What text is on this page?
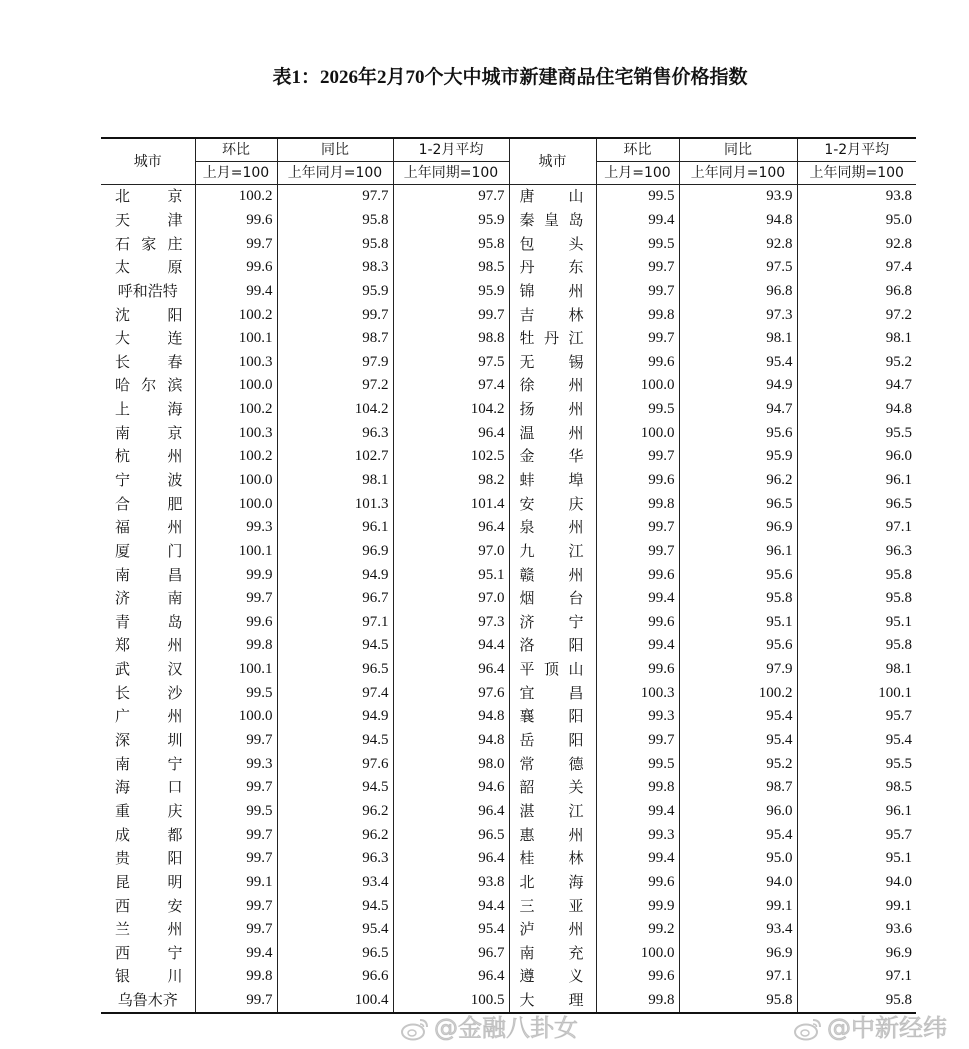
表1：2026年2月70个大中城市新建商品住宅销售价格指数
城市	环比	同比	1-2月平均	城市	环比	同比	1-2月平均
	上月=100	上年同月=100	上年同期=100		上月=100	上年同月=100	上年同期=100
北 京	100.2	97.7	97.7	唐 山	99.5	93.9	93.8
天 津	99.6	95.8	95.9	秦 皇 岛	99.4	94.8	95.0
石 家 庄	99.7	95.8	95.8	包 头	99.5	92.8	92.8
太 原	99.6	98.3	98.5	丹 东	99.7	97.5	97.4
呼和浩特	99.4	95.9	95.9	锦 州	99.7	96.8	96.8
沈 阳	100.2	99.7	99.7	吉 林	99.8	97.3	97.2
大 连	100.1	98.7	98.8	牡 丹 江	99.7	98.1	98.1
长 春	100.3	97.9	97.5	无 锡	99.6	95.4	95.2
哈 尔 滨	100.0	97.2	97.4	徐 州	100.0	94.9	94.7
上 海	100.2	104.2	104.2	扬 州	99.5	94.7	94.8
南 京	100.3	96.3	96.4	温 州	100.0	95.6	95.5
杭 州	100.2	102.7	102.5	金 华	99.7	95.9	96.0
宁 波	100.0	98.1	98.2	蚌 埠	99.6	96.2	96.1
合 肥	100.0	101.3	101.4	安 庆	99.8	96.5	96.5
福 州	99.3	96.1	96.4	泉 州	99.7	96.9	97.1
厦 门	100.1	96.9	97.0	九 江	99.7	96.1	96.3
南 昌	99.9	94.9	95.1	赣 州	99.6	95.6	95.8
济 南	99.7	96.7	97.0	烟 台	99.4	95.8	95.8
青 岛	99.6	97.1	97.3	济 宁	99.6	95.1	95.1
郑 州	99.8	94.5	94.4	洛 阳	99.4	95.6	95.8
武 汉	100.1	96.5	96.4	平 顶 山	99.6	97.9	98.1
长 沙	99.5	97.4	97.6	宜 昌	100.3	100.2	100.1
广 州	100.0	94.9	94.8	襄 阳	99.3	95.4	95.7
深 圳	99.7	94.5	94.8	岳 阳	99.7	95.4	95.4
南 宁	99.3	97.6	98.0	常 德	99.5	95.2	95.5
海 口	99.7	94.5	94.6	韶 关	99.8	98.7	98.5
重 庆	99.5	96.2	96.4	湛 江	99.4	96.0	96.1
成 都	99.7	96.2	96.5	惠 州	99.3	95.4	95.7
贵 阳	99.7	96.3	96.4	桂 林	99.4	95.0	95.1
昆 明	99.1	93.4	93.8	北 海	99.6	94.0	94.0
西 安	99.7	94.5	94.4	三 亚	99.9	99.1	99.1
兰 州	99.7	95.4	95.4	泸 州	99.2	93.4	93.6
西 宁	99.4	96.5	96.7	南 充	100.0	96.9	96.9
银 川	99.8	96.6	96.4	遵 义	99.6	97.1	97.1
乌鲁木齐	99.7	100.4	100.5	大 理	99.8	95.8	95.8
@金融八卦女	@中新经纬
